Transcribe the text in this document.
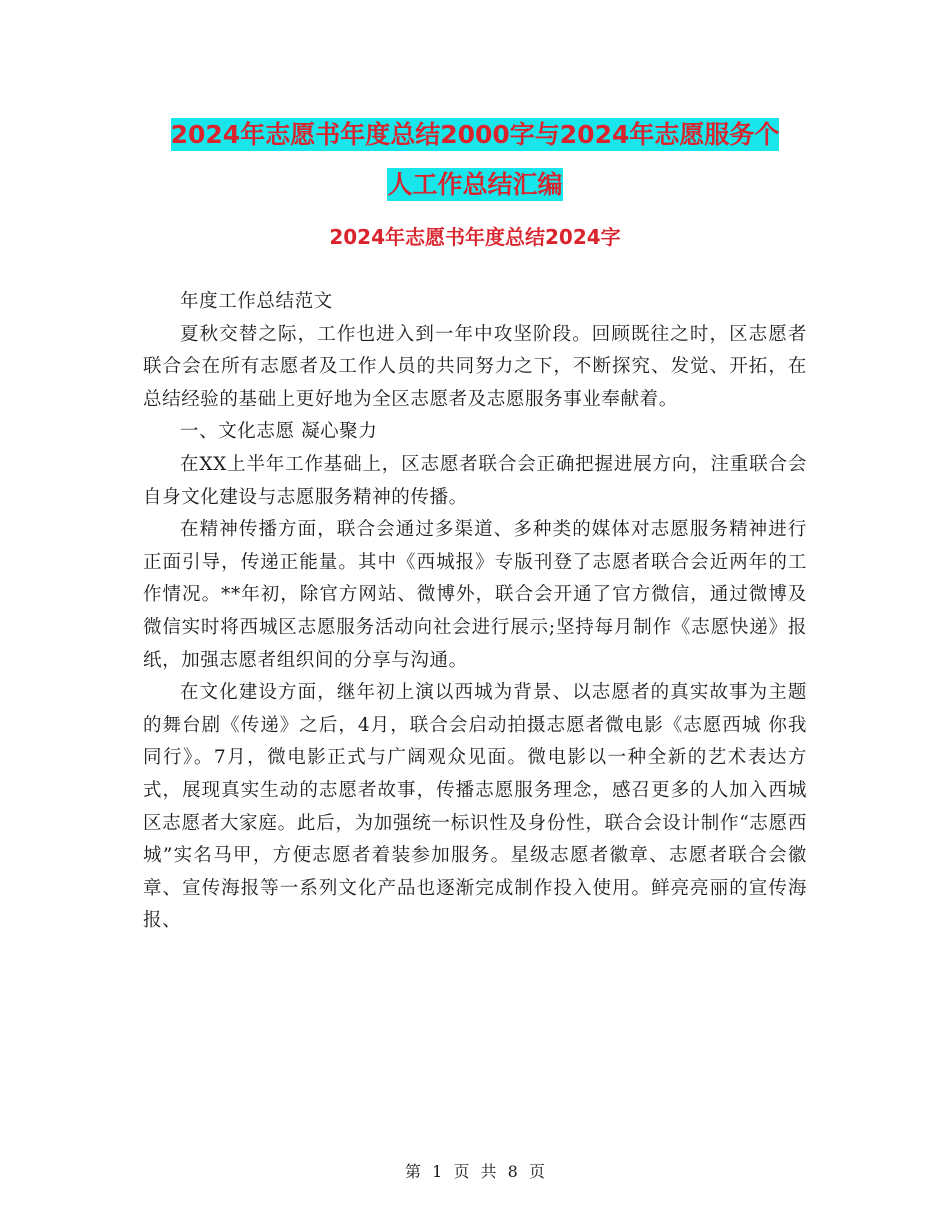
2024年志愿书年度总结2000字与2024年志愿服务个
人工作总结汇编
2024年志愿书年度总结2024字

年度工作总结范文

夏秋交替之际，工作也进入到一年中攻坚阶段。回顾既往之时，区志愿者联合会在所有志愿者及工作人员的共同努力之下，不断探究、发觉、开拓，在总结经验的基础上更好地为全区志愿者及志愿服务事业奉献着。

一、文化志愿 凝心聚力

在XX上半年工作基础上，区志愿者联合会正确把握进展方向，注重联合会自身文化建设与志愿服务精神的传播。

在精神传播方面，联合会通过多渠道、多种类的媒体对志愿服务精神进行正面引导，传递正能量。其中《西城报》专版刊登了志愿者联合会近两年的工作情况。**年初，除官方网站、微博外，联合会开通了官方微信，通过微博及微信实时将西城区志愿服务活动向社会进行展示;坚持每月制作《志愿快递》报纸，加强志愿者组织间的分享与沟通。

在文化建设方面，继年初上演以西城为背景、以志愿者的真实故事为主题的舞台剧《传递》之后，4月，联合会启动拍摄志愿者微电影《志愿西城 你我同行》。7月，微电影正式与广阔观众见面。微电影以一种全新的艺术表达方式，展现真实生动的志愿者故事，传播志愿服务理念，感召更多的人加入西城区志愿者大家庭。此后，为加强统一标识性及身份性，联合会设计制作“志愿西城”实名马甲，方便志愿者着装参加服务。星级志愿者徽章、志愿者联合会徽章、宣传海报等一系列文化产品也逐渐完成制作投入使用。鲜亮亮丽的宣传海报、

第 1 页 共 8 页
